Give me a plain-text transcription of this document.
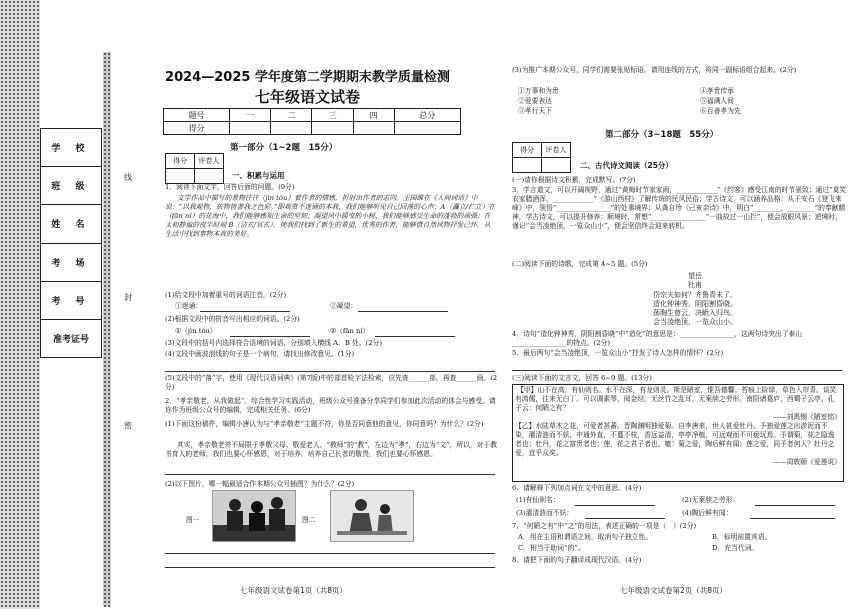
学 校
班 级
姓 名
考 场
考 号
准考证号
线
封
密
2024—2025 学年度第二学期期末教学质量检测
七年级语文试卷
题号	一	二	三	四	总分
得分					
第一部分（1~2题　15分）
得分	评卷人

一、积累与运用
1．阅读下面文字，回答后面的问题。(9分)
文学作品中描写的景物往往（jìn tòu）着作者的情感，折射出作者的志向。王国维在《人间词话》中说：“以我观物，故物皆著我之色彩。”即观赏不迷诵的本我，我们能够听见自己回荡的心声：A（矗立/伫立）在（fān ní）的花海中，我们能够感知生命的坚韧；凝望风中摇曳的小树，我们能够感受生命的蓬勃的顽强；在太和静谧的夜半时刻 B（洁玄/冥玄），使我们找到了新生的希望，优秀的作者，能够借自然风物抒发己怀，从生活中找到事物本真的美好。
(1)给文段中加着重号的词语注音。(2分)
①迷诵：	②凝望：
(2)根据文段中的拼音写出相应的词语。(2分)
①（jìn tòu）	②（fān ní）
(3)文段中的括号内选择符合语境的词语，分别填入横线 A、B 处。(2分)
(4)文段中画波浪线的句子是一个病句，请找出修改意见。(1分)
(5)文段中的“落”字，使用《现代汉语词典》(第7版)中的部首检字法检索，应先查______部，再查______画。(2分)
2．“孝亲敬老，从我做起”。综合性学习实践活动，班级公众号准备分享同学们参加此次活动的体会与感受。请你作为班级公众号的编辑，完成相关任务。(6分)
(1)下面这份稿件，编辑小唐认为与“孝亲敬老”主题不符，你是否同意他的意见，你同意吗？为什么？(2分)
其实，孝亲敬老并不局限于孝敬父母、敬爱老人。“教师”的“教”，左边为“孝”，右边为“文”，所以，对于教书育人的老师，我们也要心怀感恩，对于培养、培养自己长者的敬畏，我们也要心怀感恩。
(2)以下图片，哪一幅最适合作本期公众号插图？为什么？(2分)
图一	图二
七年级语文试卷第1页（共8页）
(3)为推广本期公众号，同学们需要张贴标语。请用连线的方式，将同一副标语组合起来。(2分)
①万事和为贵
②爱要表达
③孝行天下
④孝贵传承
⑤福满人间
⑥百善孝为先
第二部分（3~18题　55分）
得分	评卷人

二、古代诗文阅读（25分）
(一)请你根据诗文积累，完成默写。(7分)
3．学言道文，可以开阔视野，通过“黄梅时节家家雨，____________”《约客》感受江南的时节景致；通过“莫笑农家腊酒浑，____________”《游山西村》了解传统的民风民俗；学古诗文，可以涵养品格：从王安石《登飞来峰》中，领悟“________________”的处事境界；从龚自珍《己亥杂诗》中，明白“________，________”的奉献精神，学古诗文，可以提升修养：顺境时，常想“________________”一曲故过一山拦”，便会放眼风景；逆境时，谨记“会当凌绝顶，一览众山小”，便会坚信终会迎来转机。
(二)阅读下面的诗歌，完成第 4~5 题。(5分)
望岳
杜甫
岱宗夫如何？齐鲁青未了。
造化钟神秀，阴阳割昏晓。
荡胸生曾云，决眦入归鸟。
会当凌绝顶，一览众山小。
4．诗句“造化钟神秀，阴阳割昏晓”中“造化”的意思是：________________，这两句诗突出了泰山________________的特点。(2分)
5．最后两句“会当凌绝顶，一览众山小”抒发了诗人怎样的情怀？(2分)
(三)阅读下面的文言文，回答 6~9 题。(13分)
【甲】山不在高，有仙则名。水不在深，有龙则灵。斯是陋室，惟吾德馨。苔痕上阶绿，草色入帘青。谈笑有鸿儒，往来无白丁。可以调素琴，阅金经。无丝竹之乱耳，无案牍之劳形。南阳诸葛庐，西蜀子云亭。孔子云：何陋之有？
——刘禹锡《陋室铭》
【乙】水陆草木之花，可爱者甚蕃。晋陶渊明独爱菊。自李唐来，世人甚爱牡丹。予独爱莲之出淤泥而不染，濯清涟而不妖，中通外直，不蔓不枝，香远益清，亭亭净植，可远观而不可亵玩焉。予谓菊，花之隐逸者也；牡丹，花之富贵者也；莲，花之君子者也。噫！菊之爱，陶后鲜有闻；莲之爱，同予者何人？牡丹之爱，宜乎众矣。
——周敦颐《爱莲说》
6．请解释下列加点词在文中的意思。(4分)
(1)有仙则名：	(2)无案牍之劳形：
(3)濯清涟而不妖：	(4)陶后鲜有闻：
7．“何陋之有”中“之”的用法，表述正确的一项是（　）(2分)
A．用在主语和谓语之间，取消句子独立性。	B．标明前置宾语。
C．相当于助词“的”。	D．充当代词。
8．请把下面的句子翻译成现代汉语。(4分)
七年级语文试卷第2页（共8页）
